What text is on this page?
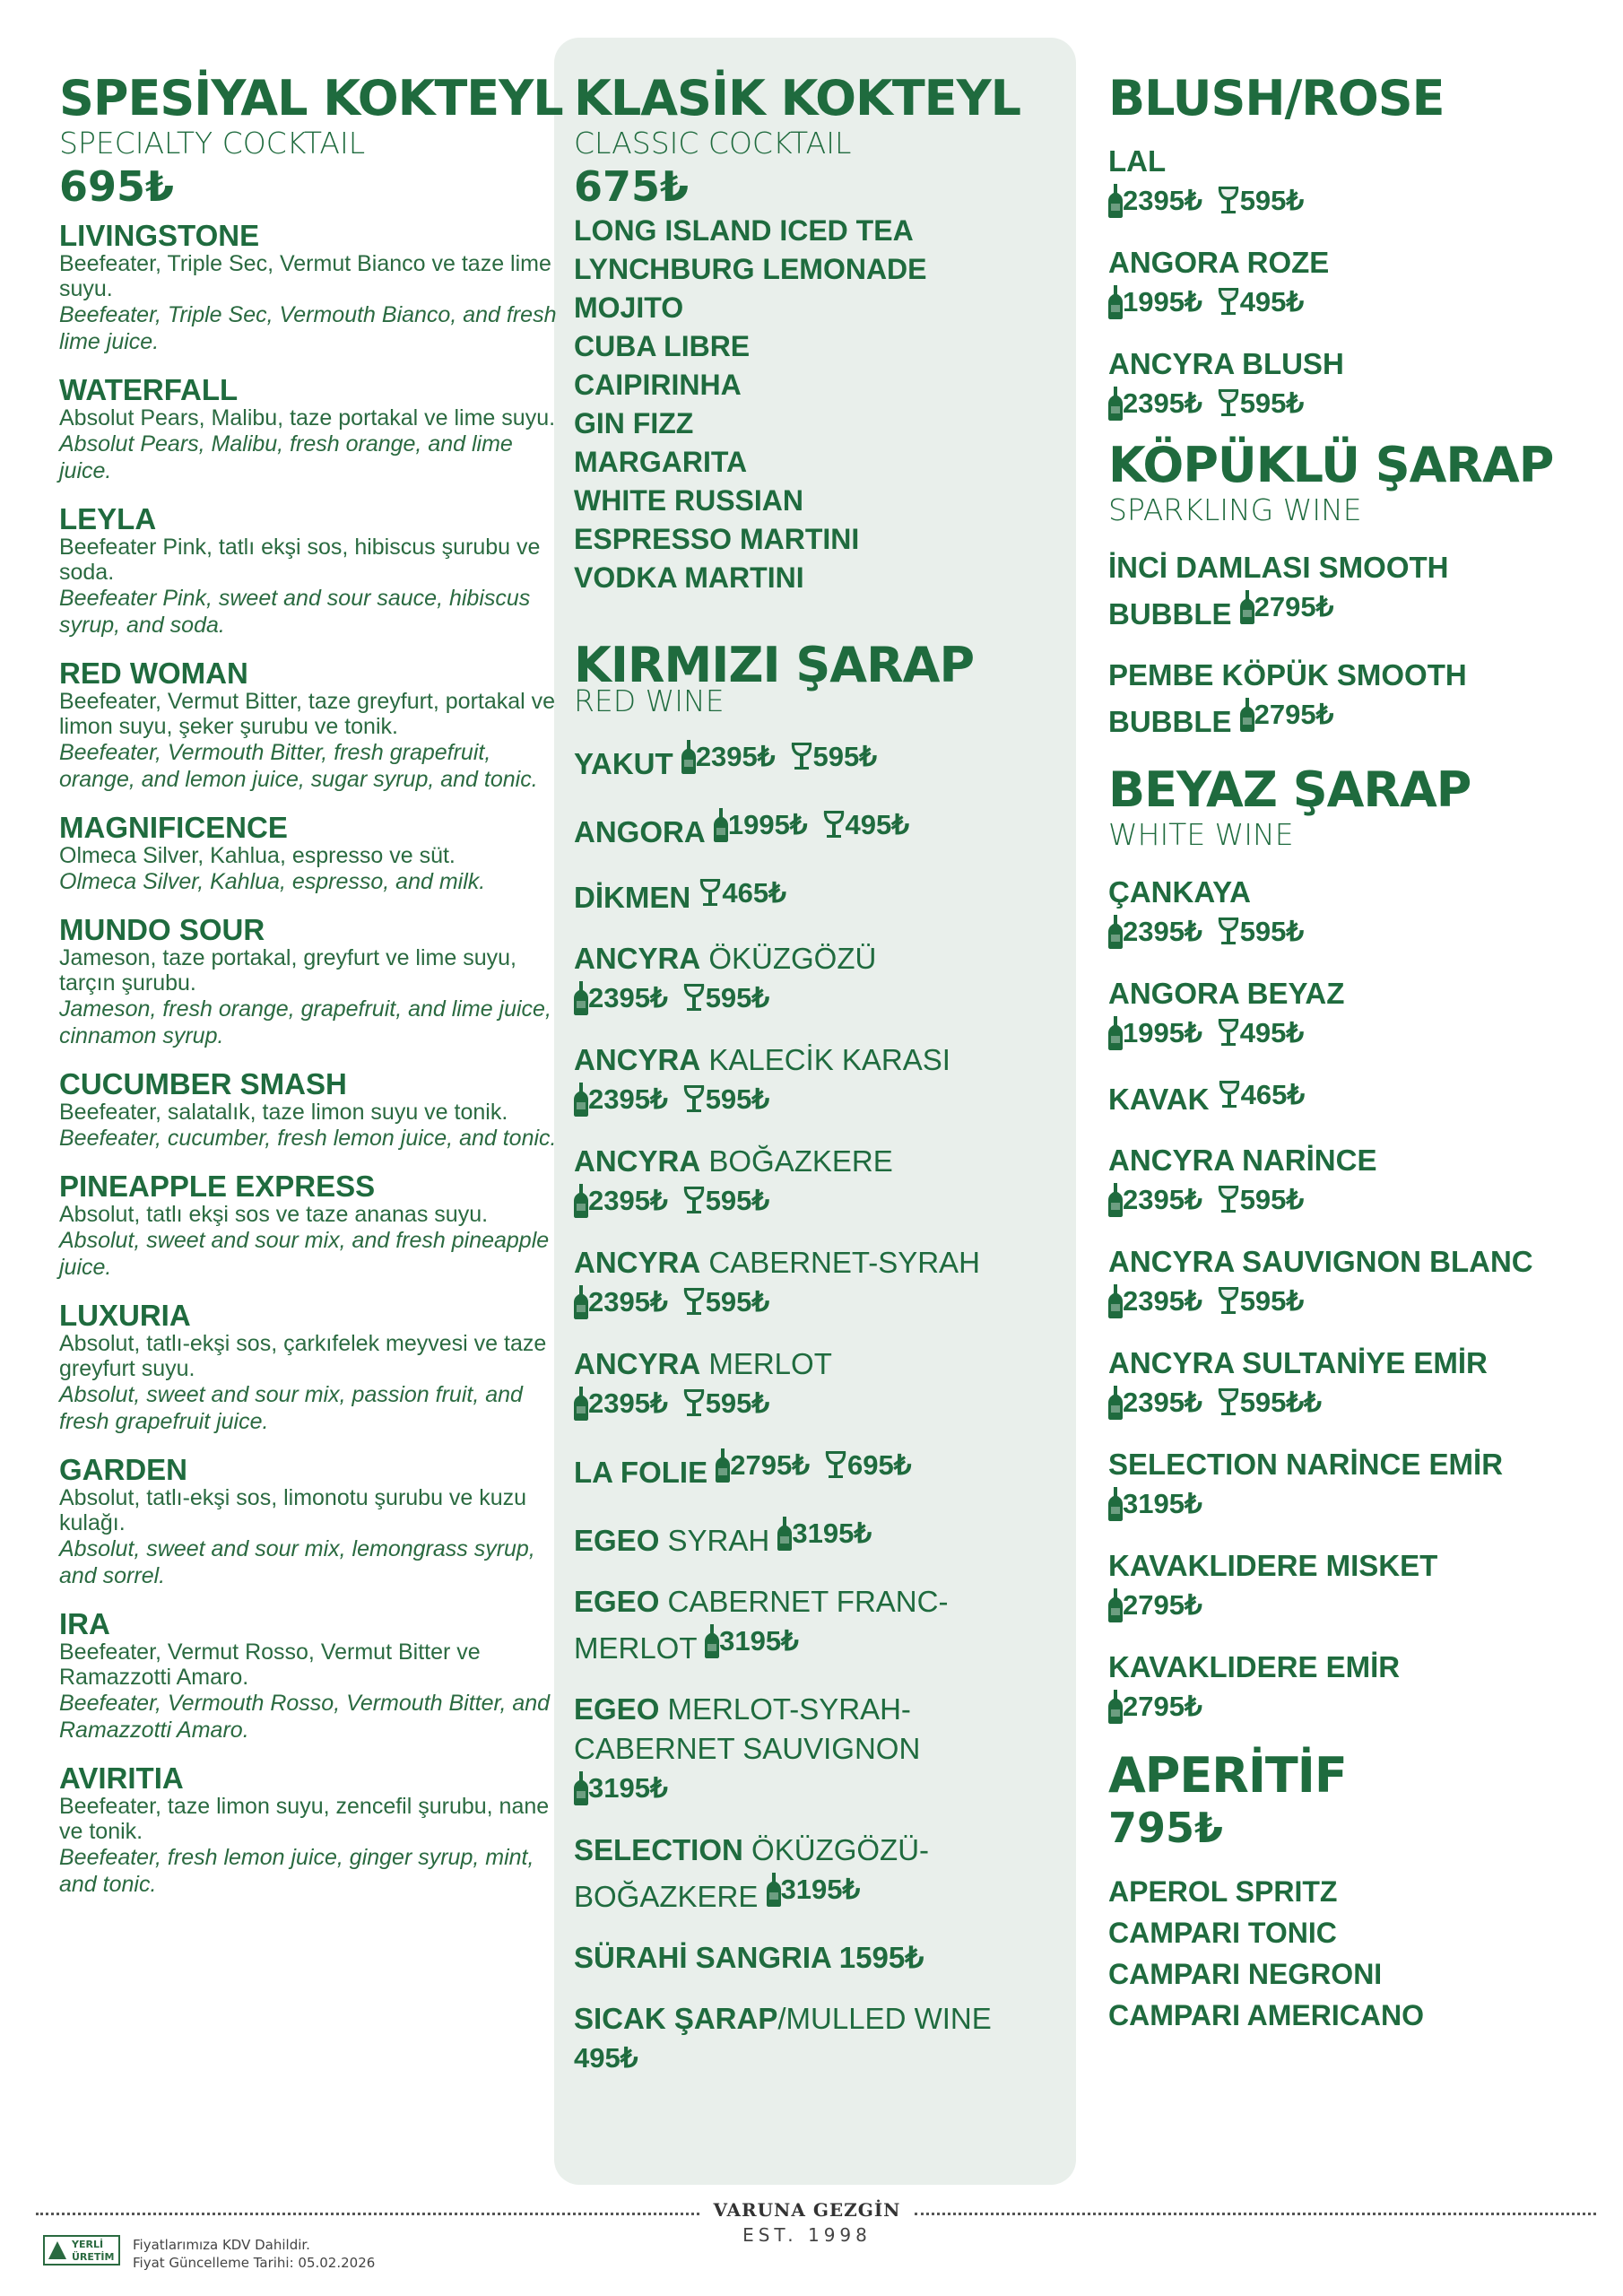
SPESİYAL KOKTEYL
SPECIALTY COCKTAIL
695₺
LIVINGSTONE
Beefeater, Triple Sec, Vermut Bianco ve taze lime suyu.
Beefeater, Triple Sec, Vermouth Bianco, and fresh lime juice.
WATERFALL
Absolut Pears, Malibu, taze portakal ve lime suyu.
Absolut Pears, Malibu, fresh orange, and lime juice.
LEYLA
Beefeater Pink, tatlı ekşi sos, hibiscus şurubu ve soda.
Beefeater Pink, sweet and sour sauce, hibiscus syrup, and soda.
RED WOMAN
Beefeater, Vermut Bitter, taze greyfurt, portakal ve limon suyu, şeker şurubu ve tonik.
Beefeater, Vermouth Bitter, fresh grapefruit, orange, and lemon juice, sugar syrup, and tonic.
MAGNIFICENCE
Olmeca Silver, Kahlua, espresso ve süt.
Olmeca Silver, Kahlua, espresso, and milk.
MUNDO SOUR
Jameson, taze portakal, greyfurt ve lime suyu, tarçın şurubu.
Jameson, fresh orange, grapefruit, and lime juice, cinnamon syrup.
CUCUMBER SMASH
Beefeater, salatalık, taze limon suyu ve tonik.
Beefeater, cucumber, fresh lemon juice, and tonic.
PINEAPPLE EXPRESS
Absolut, tatlı ekşi sos ve taze ananas suyu.
Absolut, sweet and sour mix, and fresh pineapple juice.
LUXURIA
Absolut, tatlı-ekşi sos, çarkıfelek meyvesi ve taze greyfurt suyu.
Absolut, sweet and sour mix, passion fruit, and fresh grapefruit juice.
GARDEN
Absolut, tatlı-ekşi sos, limonotu şurubu ve kuzu kulağı.
Absolut, sweet and sour mix, lemongrass syrup, and sorrel.
IRA
Beefeater, Vermut Rosso, Vermut Bitter ve Ramazzotti Amaro.
Beefeater, Vermouth Rosso, Vermouth Bitter, and Ramazzotti Amaro.
AVIRITIA
Beefeater, taze limon suyu, zencefil şurubu, nane ve tonik.
Beefeater, fresh lemon juice, ginger syrup, mint, and tonic.
KLASİK KOKTEYL
CLASSIC COCKTAIL
675₺
LONG ISLAND ICED TEA
LYNCHBURG LEMONADE
MOJITO
CUBA LIBRE
CAIPIRINHA
GIN FIZZ
MARGARITA
WHITE RUSSIAN
ESPRESSO MARTINI
VODKA MARTINI
KIRMIZI ŞARAP
RED WINE
YAKUT 2395₺ 595₺
ANGORA 1995₺ 495₺
DİKMEN 465₺
ANCYRA ÖKÜZGÖZÜ
2395₺ 595₺
ANCYRA KALECİK KARASI
2395₺ 595₺
ANCYRA BOĞAZKERE
2395₺ 595₺
ANCYRA CABERNET-SYRAH
2395₺ 595₺
ANCYRA MERLOT
2395₺ 595₺
LA FOLIE 2795₺ 695₺
EGEO SYRAH 3195₺
EGEO CABERNET FRANC-
MERLOT 3195₺
EGEO MERLOT-SYRAH-
CABERNET SAUVIGNON
3195₺
SELECTION ÖKÜZGÖZÜ-
BOĞAZKERE 3195₺
SÜRAHİ SANGRIA 1595₺
SICAK ŞARAP/MULLED WINE
495₺
BLUSH/ROSE
LAL
2395₺ 595₺
ANGORA ROZE
1995₺ 495₺
ANCYRA BLUSH
2395₺ 595₺
KÖPÜKLÜ ŞARAP
SPARKLING WINE
İNCİ DAMLASI SMOOTH
BUBBLE 2795₺
PEMBE KÖPÜK SMOOTH
BUBBLE 2795₺
BEYAZ ŞARAP
WHITE WINE
ÇANKAYA
2395₺ 595₺
ANGORA BEYAZ
1995₺ 495₺
KAVAK 465₺
ANCYRA NARİNCE
2395₺ 595₺
ANCYRA SAUVIGNON BLANC
2395₺ 595₺
ANCYRA SULTANİYE EMİR
2395₺ 595₺₺
SELECTION NARİNCE EMİR
3195₺
KAVAKLIDERE MISKET
2795₺
KAVAKLIDERE EMİR
2795₺
APERİTİF
795₺
APEROL SPRITZ
CAMPARI TONIC
CAMPARI NEGRONI
CAMPARI AMERICANO
VARUNA GEZGİN
EST. 1998
YERLİ
ÜRETİM
Fiyatlarımıza KDV Dahildir.
Fiyat Güncelleme Tarihi: 05.02.2026
